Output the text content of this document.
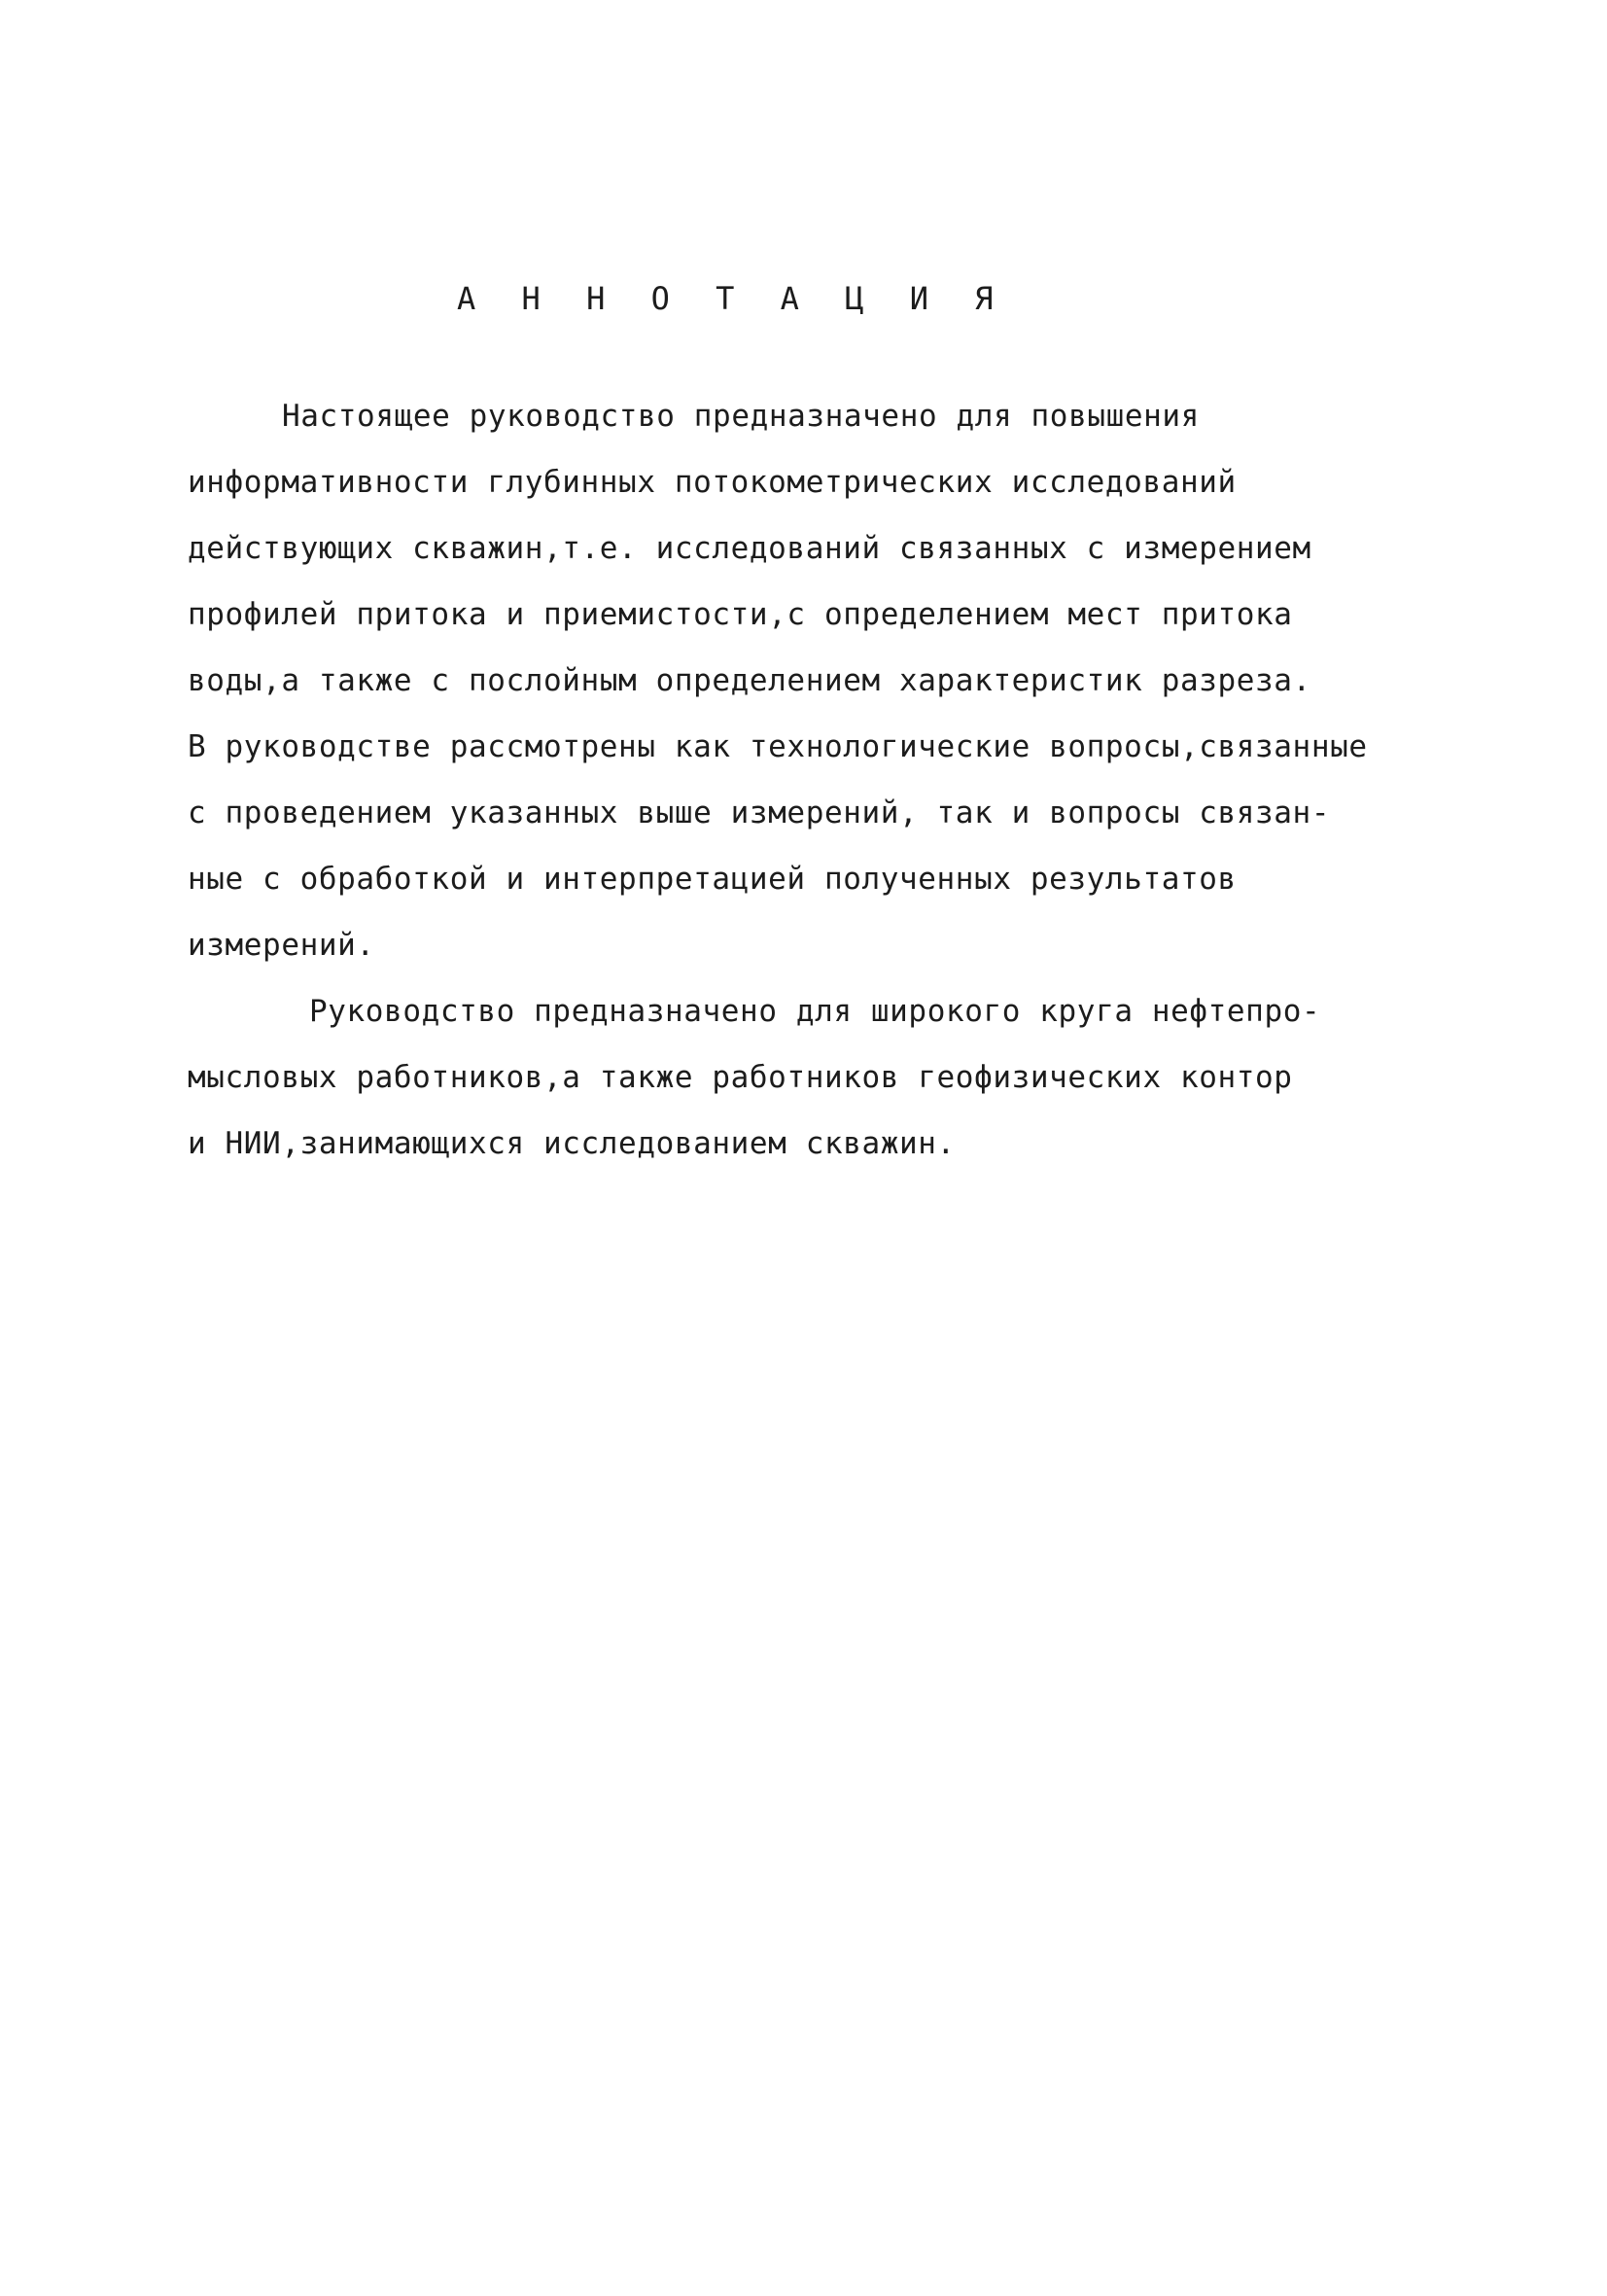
А Н Н О Т А Ц И Я
Настоящее руководство предназначено для повышения
информативности глубинных потокометрических исследований
действующих скважин,т.е. исследований связанных с измерением
профилей притока и приемистости,с определением мест притока
воды,а также с послойным определением характеристик разреза.
В руководстве рассмотрены как технологические вопросы,связанные
с проведением указанных выше измерений, так и вопросы связан-
ные с обработкой и интерпретацией полученных результатов
измерений.
Руководство предназначено для широкого круга нефтепро-
мысловых работников,а также работников геофизических контор
и НИИ,занимающихся исследованием скважин.
